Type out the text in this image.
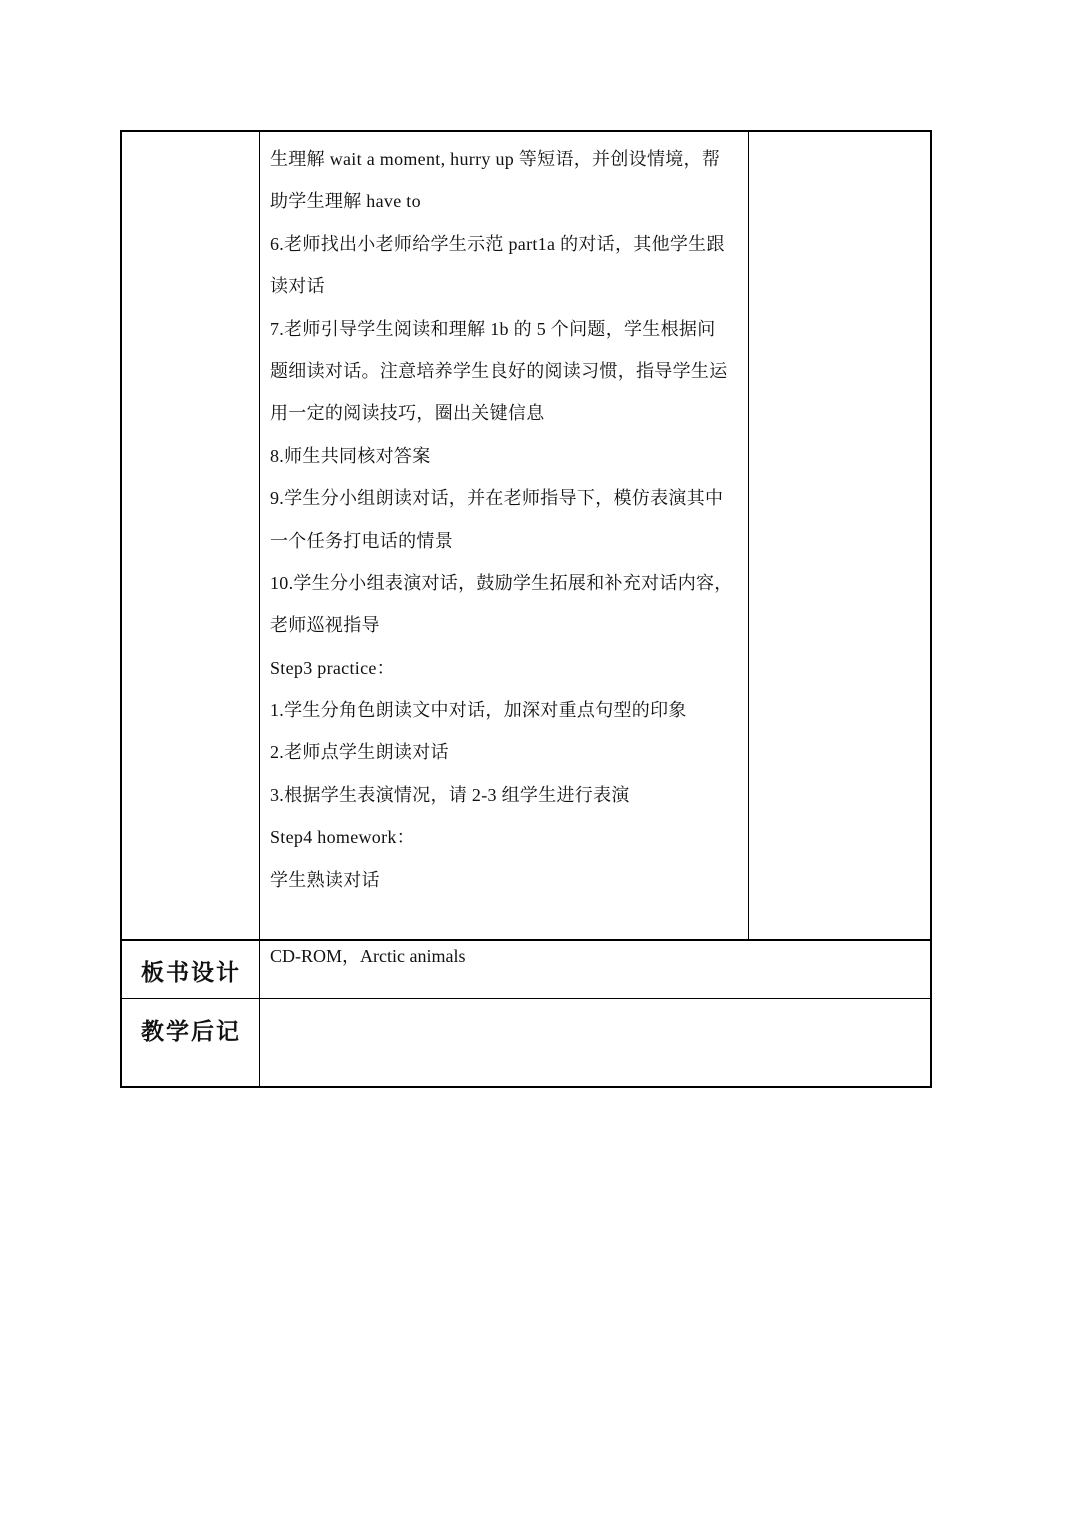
生理解 wait a moment, hurry up 等短语，并创设情境，帮
助学生理解 have to
6.老师找出小老师给学生示范 part1a 的对话，其他学生跟
读对话
7.老师引导学生阅读和理解 1b 的 5 个问题，学生根据问
题细读对话。注意培养学生良好的阅读习惯，指导学生运
用一定的阅读技巧，圈出关键信息
8.师生共同核对答案
9.学生分小组朗读对话，并在老师指导下，模仿表演其中
一个任务打电话的情景
10.学生分小组表演对话，鼓励学生拓展和补充对话内容，
老师巡视指导
Step3 practice：
1.学生分角色朗读文中对话，加深对重点句型的印象
2.老师点学生朗读对话
3.根据学生表演情况，请 2-3 组学生进行表演
Step4 homework：
学生熟读对话
板书设计
CD-ROM，Arctic animals
教学后记
